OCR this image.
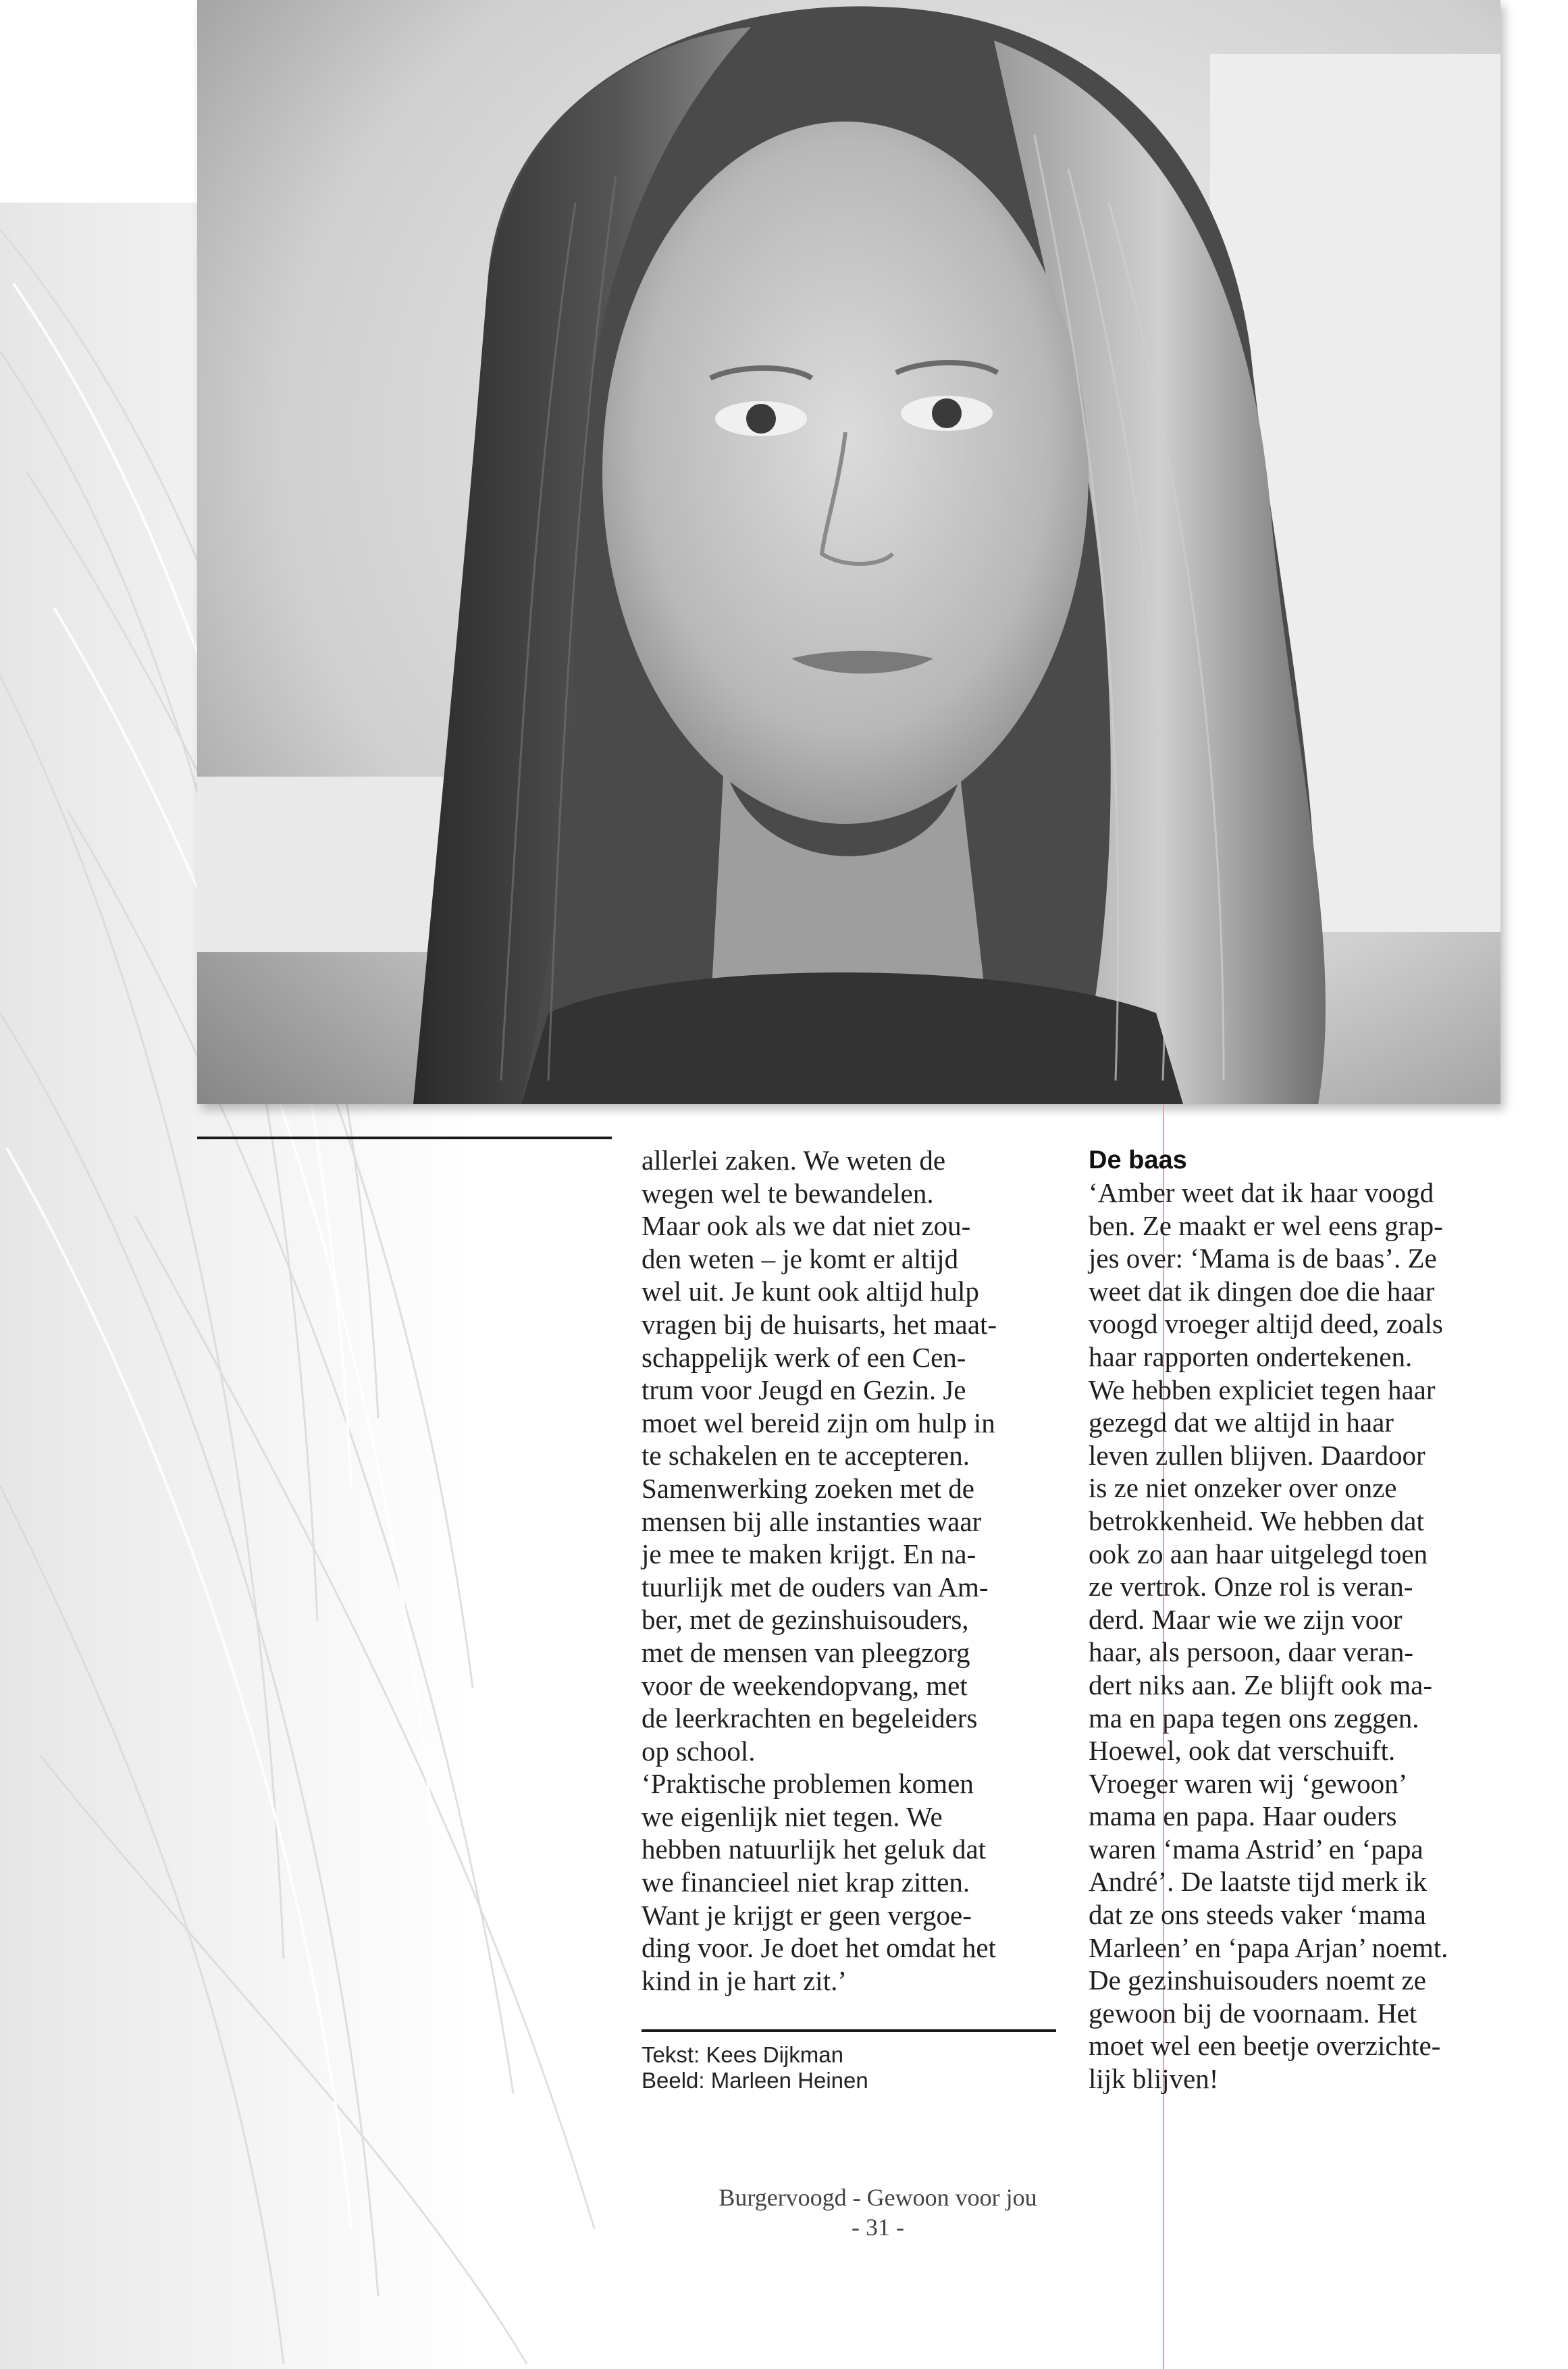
allerlei zaken. We weten de
wegen wel te bewandelen.
Maar ook als we dat niet zou-
den weten – je komt er altijd
wel uit. Je kunt ook altijd hulp
vragen bij de huisarts, het maat-
schappelijk werk of een Cen-
trum voor Jeugd en Gezin. Je
moet wel bereid zijn om hulp in
te schakelen en te accepteren.
Samenwerking zoeken met de
mensen bij alle instanties waar
je mee te maken krijgt. En na-
tuurlijk met de ouders van Am-
ber, met de gezinshuisouders,
met de mensen van pleegzorg
voor de weekendopvang, met
de leerkrachten en begeleiders
op school.
‘Praktische problemen komen
we eigenlijk niet tegen. We
hebben natuurlijk het geluk dat
we financieel niet krap zitten.
Want je krijgt er geen vergoe-
ding voor. Je doet het omdat het
kind in je hart zit.’

Tekst: Kees Dijkman
Beeld: Marleen Heinen
De baas

‘Amber weet dat ik haar voogd
ben. Ze maakt er wel eens grap-
jes over: ‘Mama is de baas’. Ze
weet dat ik dingen doe die haar
voogd vroeger altijd deed, zoals
haar rapporten ondertekenen.
We hebben expliciet tegen haar
gezegd dat we altijd in haar
leven zullen blijven. Daardoor
is ze niet onzeker over onze
betrokkenheid. We hebben dat
ook zo aan haar uitgelegd toen
ze vertrok. Onze rol is veran-
derd. Maar wie we zijn voor
haar, als persoon, daar veran-
dert niks aan. Ze blijft ook ma-
ma en papa tegen ons zeggen.
Hoewel, ook dat verschuift.
Vroeger waren wij ‘gewoon’
mama en papa. Haar ouders
waren ‘mama Astrid’ en ‘papa
André’. De laatste tijd merk ik
dat ze ons steeds vaker ‘mama
Marleen’ en ‘papa Arjan’ noemt.
De gezinshuisouders noemt ze
gewoon bij de voornaam. Het
moet wel een beetje overzichte-
lijk blijven!

Burgervoogd - Gewoon voor jou
- 31 -
